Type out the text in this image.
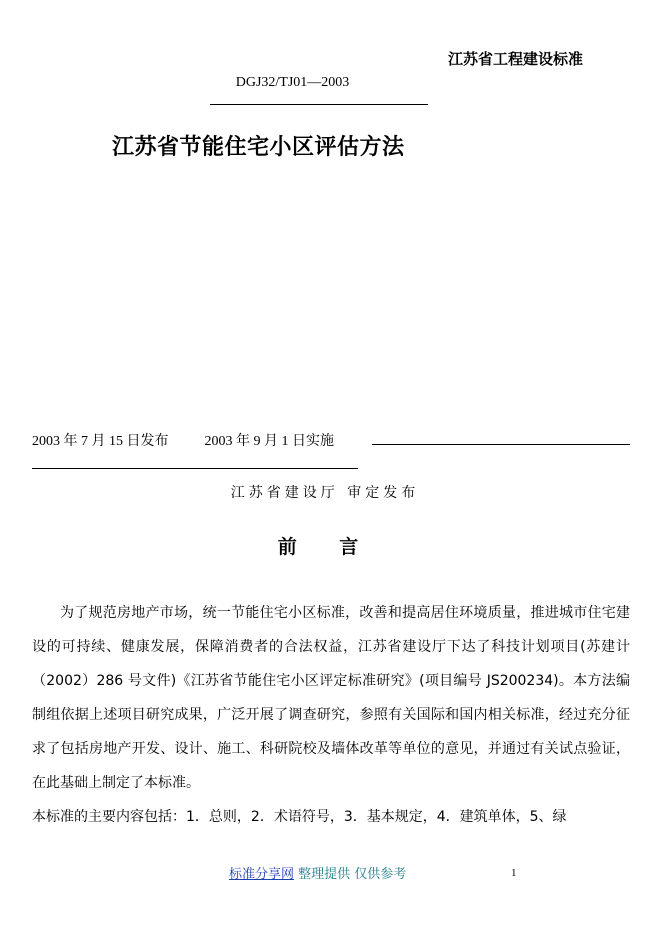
江苏省工程建设标准
DGJ32/TJ01—2003
江苏省节能住宅小区评估方法
2003 年 7 月 15 日发布	2003 年 9 月 1 日实施
江苏省建设厅 审定发布
前 言

为了规范房地产市场，统一节能住宅小区标准，改善和提高居住环境质量，推进城市住宅建设的可持续、健康发展，保障消费者的合法权益，江苏省建设厅下达了科技计划项目(苏建计（2002）286 号文件)《江苏省节能住宅小区评定标准研究》(项目编号 JS200234)。本方法编制组依据上述项目研究成果，广泛开展了调查研究，参照有关国际和国内相关标准，经过充分征求了包括房地产开发、设计、施工、科研院校及墙体改革等单位的意见，并通过有关试点验证，在此基础上制定了本标准。

本标准的主要内容包括：1．总则，2．术语符号，3．基本规定，4．建筑单体，5、绿

标准分享网 整理提供 仅供参考	1
